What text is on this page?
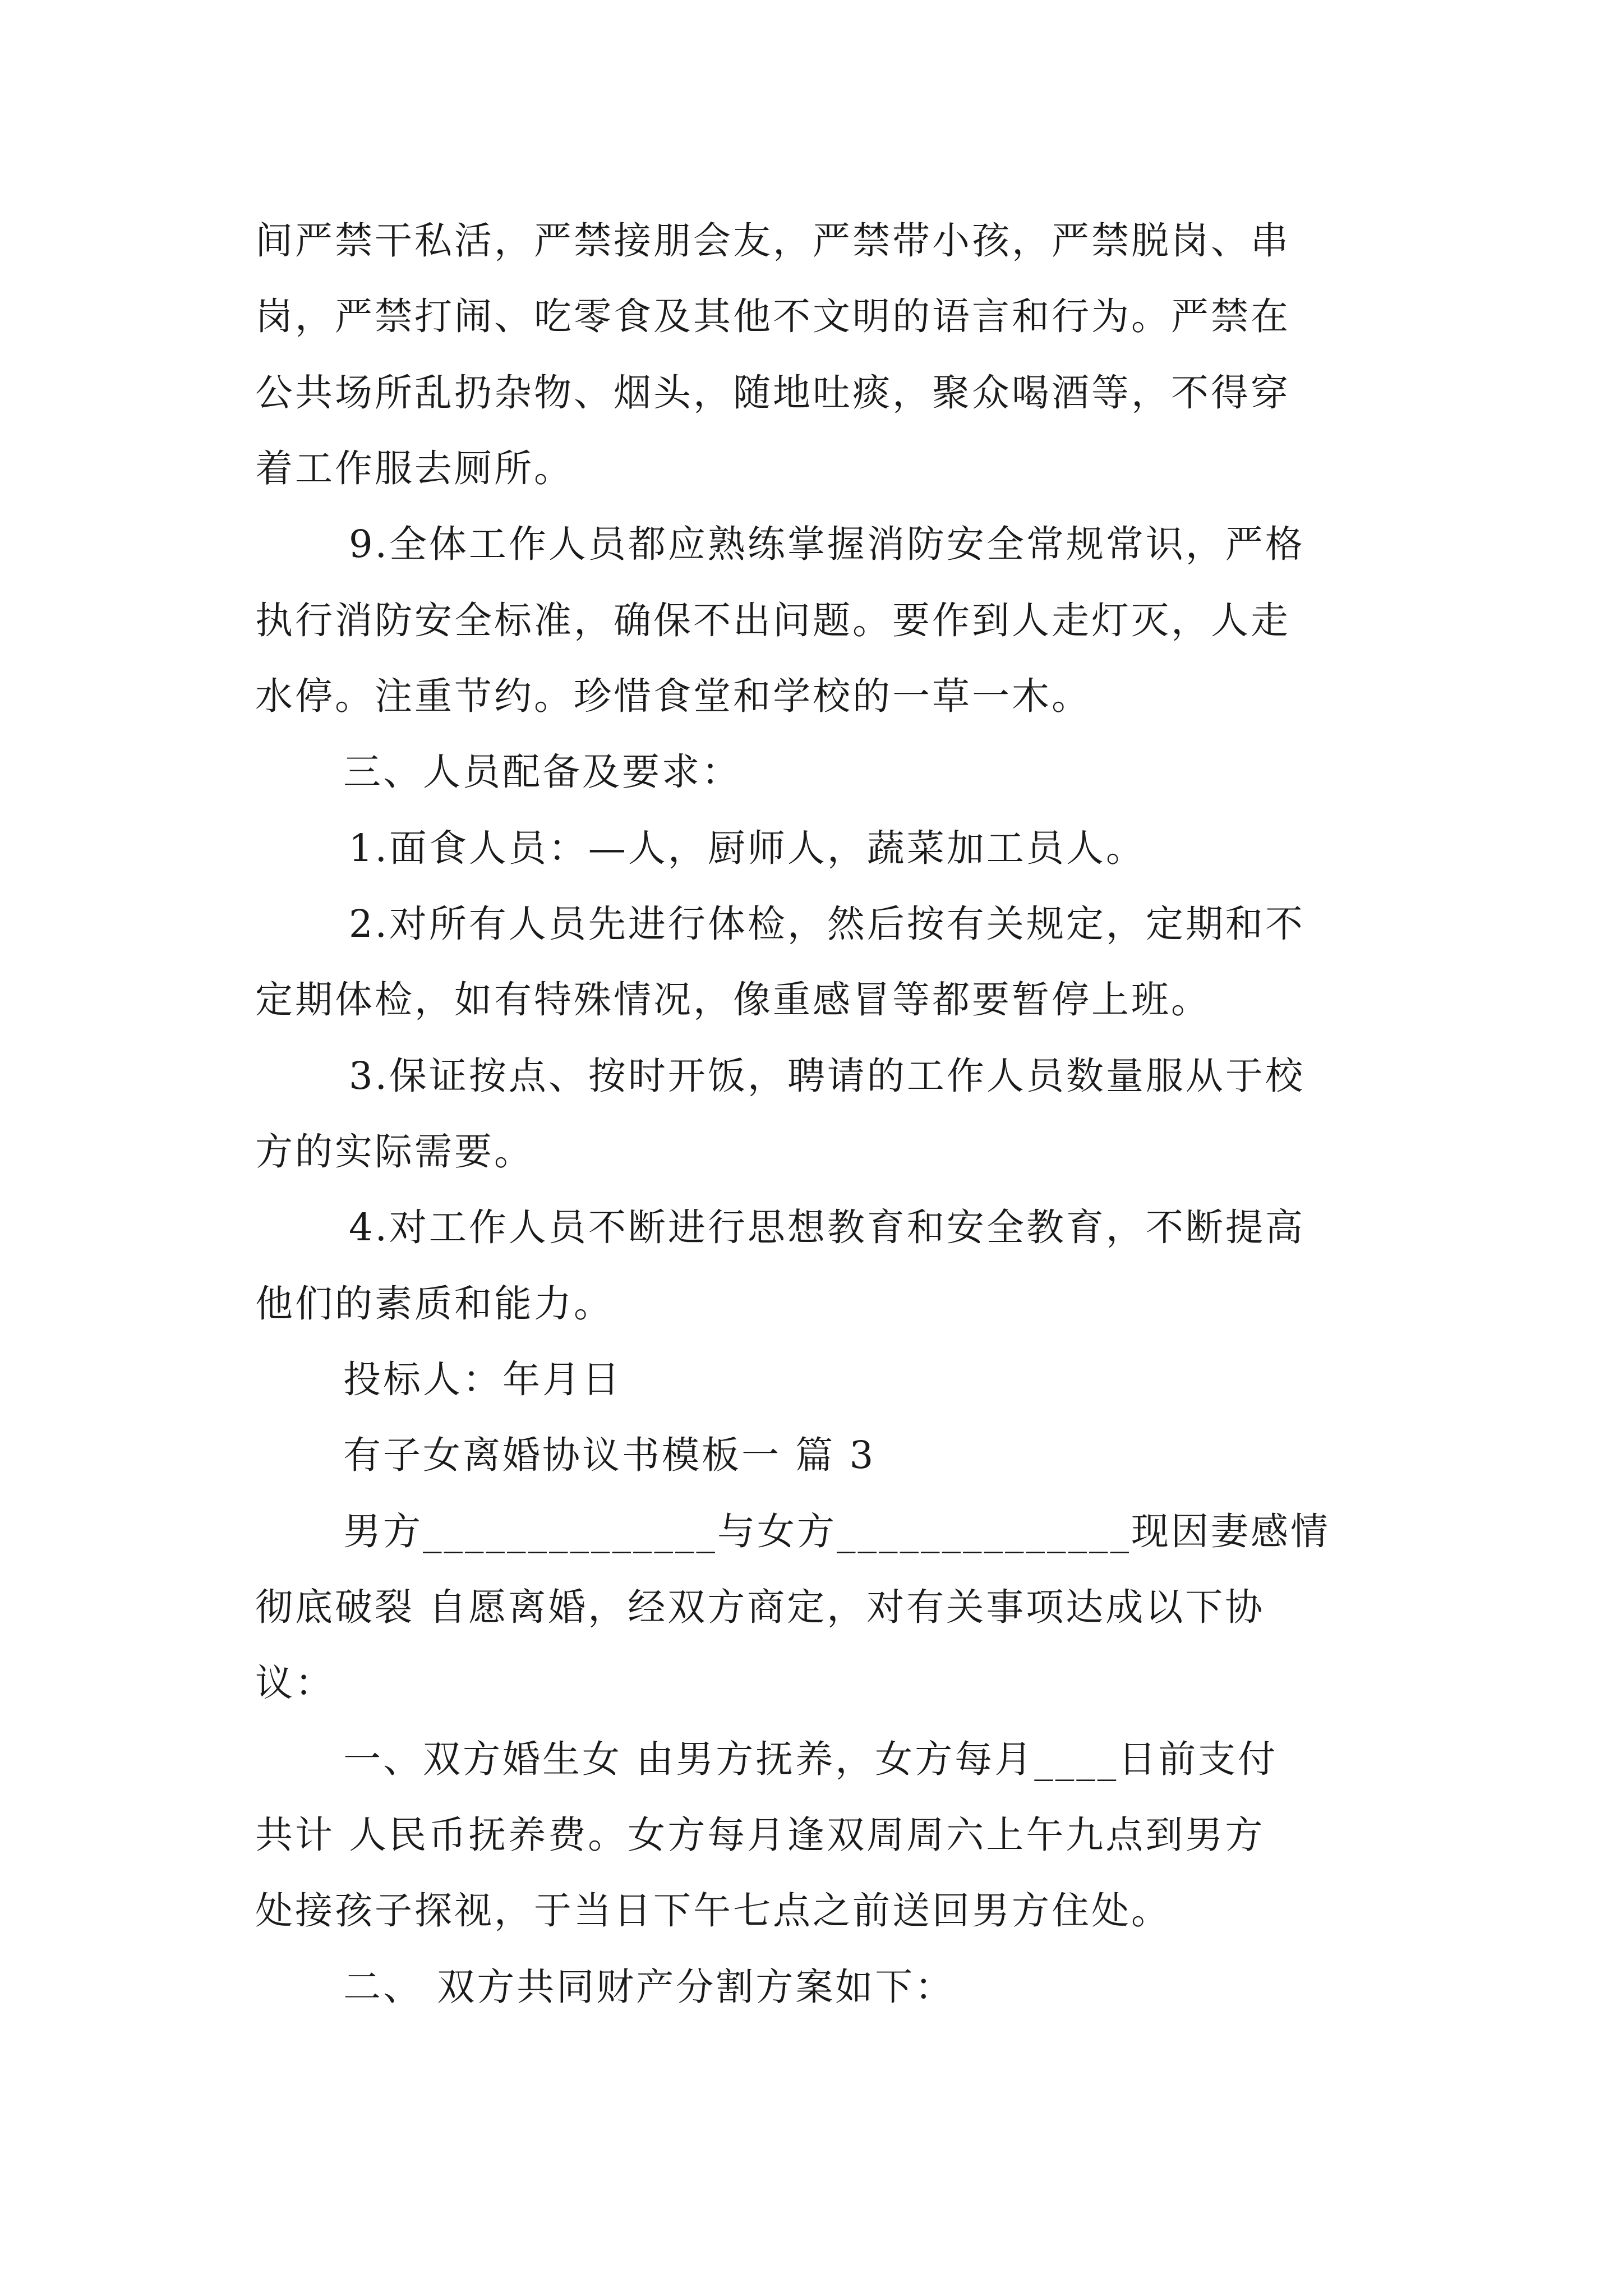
间严禁干私活，严禁接朋会友，严禁带小孩，严禁脱岗、串

岗，严禁打闹、吃零食及其他不文明的语言和行为。严禁在

公共场所乱扔杂物、烟头，随地吐痰，聚众喝酒等，不得穿

着工作服去厕所。

9.全体工作人员都应熟练掌握消防安全常规常识，严格

执行消防安全标准，确保不出问题。要作到人走灯灭，人走

水停。注重节约。珍惜食堂和学校的一草一木。

三、人员配备及要求：

1.面食人员：—人，厨师人，蔬菜加工员人。

2.对所有人员先进行体检，然后按有关规定，定期和不

定期体检，如有特殊情况，像重感冒等都要暂停上班。

3.保证按点、按时开饭，聘请的工作人员数量服从于校

方的实际需要。

4.对工作人员不断进行思想教育和安全教育，不断提高

他们的素质和能力。

投标人：年月日

有子女离婚协议书模板一 篇 3

男方______________与女方______________现因妻感情

彻底破裂 自愿离婚，经双方商定，对有关事项达成以下协

议：

一、双方婚生女 由男方抚养，女方每月____日前支付

共计 人民币抚养费。女方每月逢双周周六上午九点到男方

处接孩子探视，于当日下午七点之前送回男方住处。

二、 双方共同财产分割方案如下：
